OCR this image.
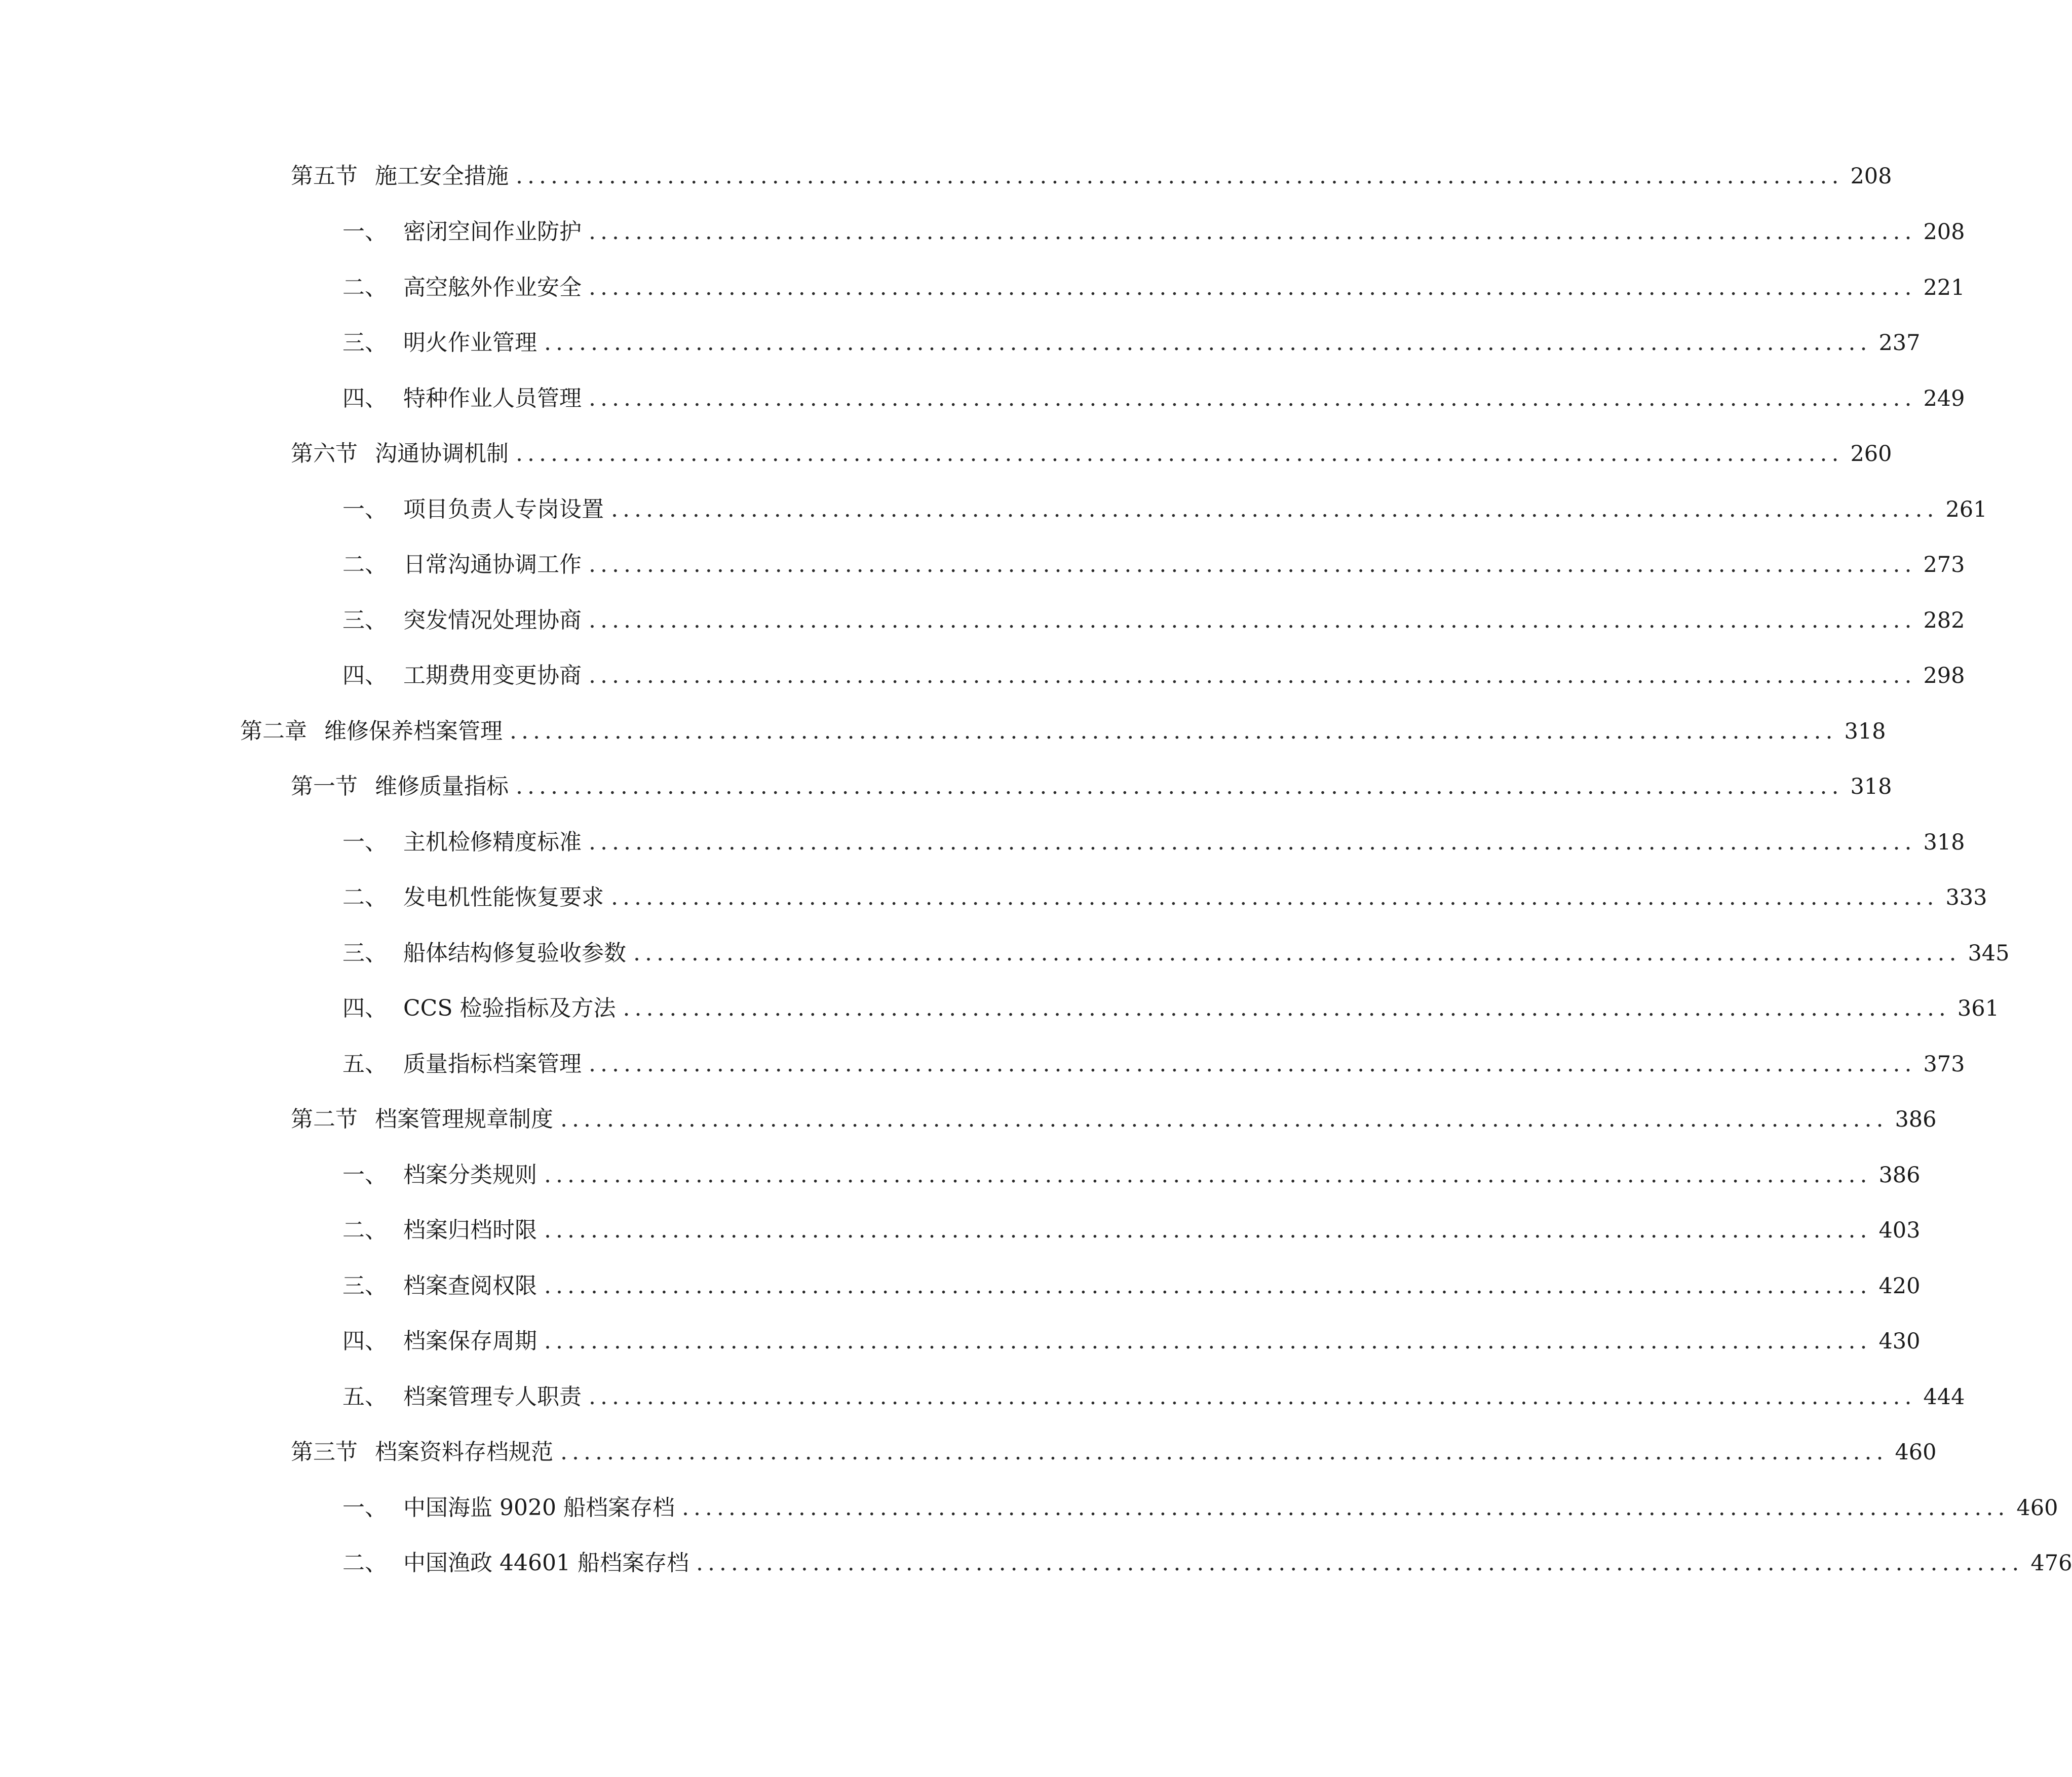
第五节 施工安全措施 .................................................................................................................. 208
一、 密闭空间作业防护 .................................................................................................................. 208
二、 高空舷外作业安全 .................................................................................................................. 221
三、 明火作业管理 .................................................................................................................. 237
四、 特种作业人员管理 .................................................................................................................. 249
第六节 沟通协调机制 .................................................................................................................. 260
一、 项目负责人专岗设置 .................................................................................................................. 261
二、 日常沟通协调工作 .................................................................................................................. 273
三、 突发情况处理协商 .................................................................................................................. 282
四、 工期费用变更协商 .................................................................................................................. 298
第二章 维修保养档案管理 .................................................................................................................. 318
第一节 维修质量指标 .................................................................................................................. 318
一、 主机检修精度标准 .................................................................................................................. 318
二、 发电机性能恢复要求 .................................................................................................................. 333
三、 船体结构修复验收参数 .................................................................................................................. 345
四、 CCS 检验指标及方法 .................................................................................................................. 361
五、 质量指标档案管理 .................................................................................................................. 373
第二节 档案管理规章制度 .................................................................................................................. 386
一、 档案分类规则 .................................................................................................................. 386
二、 档案归档时限 .................................................................................................................. 403
三、 档案查阅权限 .................................................................................................................. 420
四、 档案保存周期 .................................................................................................................. 430
五、 档案管理专人职责 .................................................................................................................. 444
第三节 档案资料存档规范 .................................................................................................................. 460
一、 中国海监 9020 船档案存档 .................................................................................................................. 460
二、 中国渔政 44601 船档案存档 .................................................................................................................. 476
